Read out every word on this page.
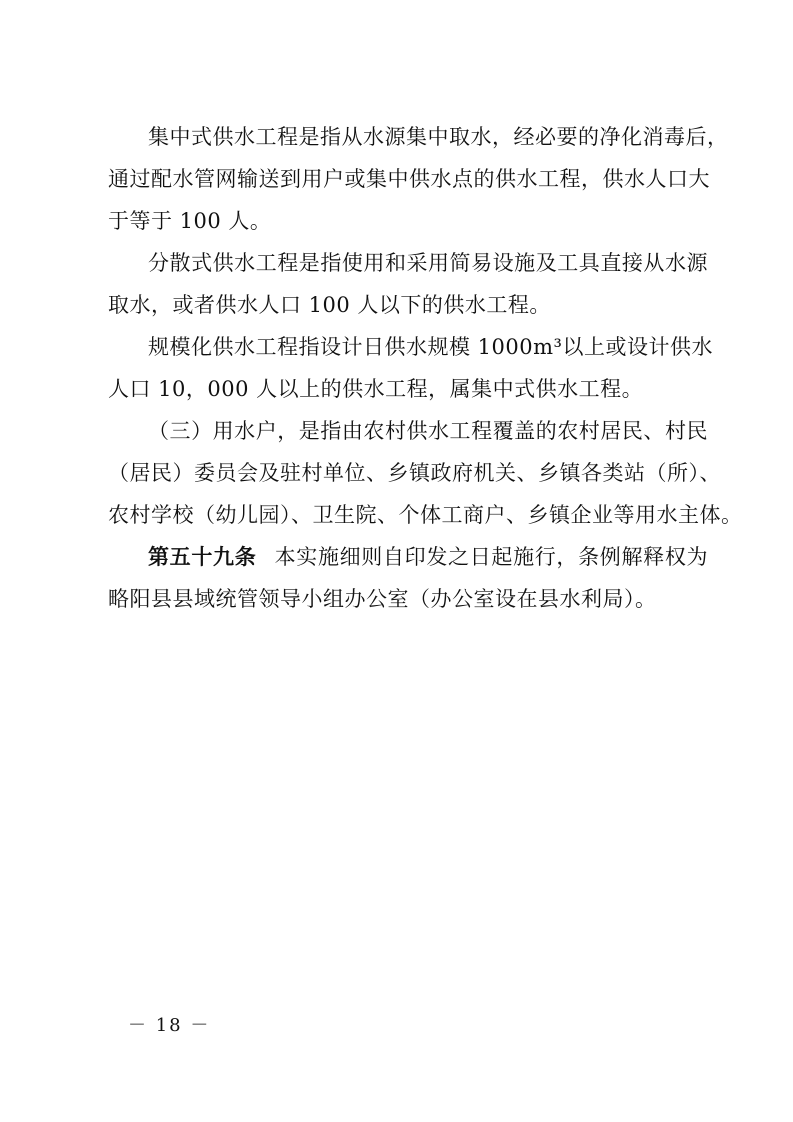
集中式供水工程是指从水源集中取水，经必要的净化消毒后，
通过配水管网输送到用户或集中供水点的供水工程，供水人口大
于等于 100 人。
分散式供水工程是指使用和采用简易设施及工具直接从水源
取水，或者供水人口 100 人以下的供水工程。
规模化供水工程指设计日供水规模 1000m³以上或设计供水
人口 10，000 人以上的供水工程，属集中式供水工程。
（三）用水户，是指由农村供水工程覆盖的农村居民、村民
（居民）委员会及驻村单位、乡镇政府机关、乡镇各类站（所）、
农村学校（幼儿园）、卫生院、个体工商户、乡镇企业等用水主体。
第五十九条 本实施细则自印发之日起施行，条例解释权为
略阳县县域统管领导小组办公室（办公室设在县水利局）。
－ 18 －
